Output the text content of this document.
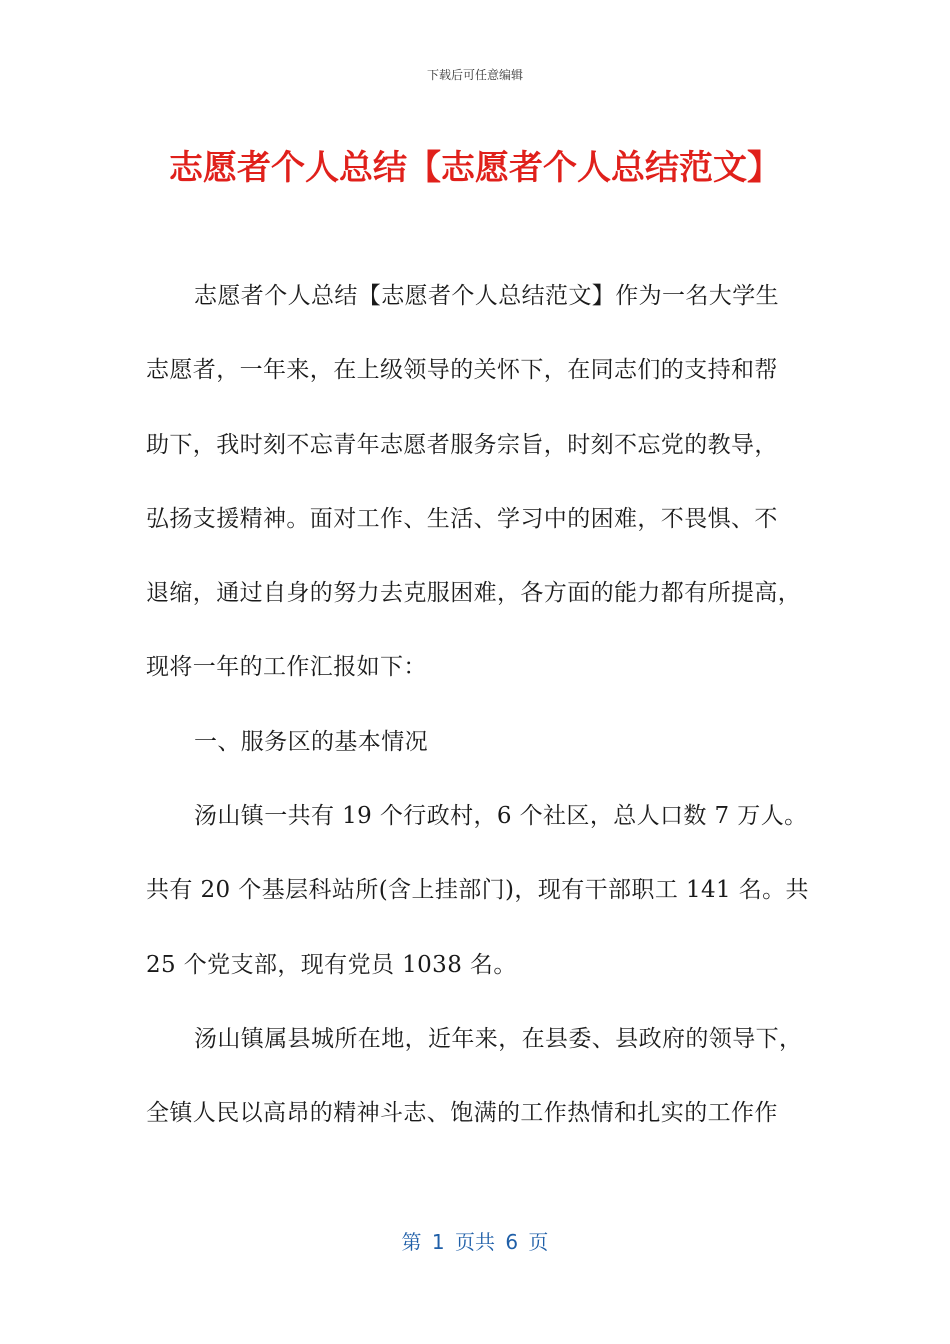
下载后可任意编辑
志愿者个人总结【志愿者个人总结范文】
志愿者个人总结【志愿者个人总结范文】作为一名大学生
志愿者，一年来，在上级领导的关怀下，在同志们的支持和帮
助下，我时刻不忘青年志愿者服务宗旨，时刻不忘党的教导，
弘扬支援精神。面对工作、生活、学习中的困难，不畏惧、不
退缩，通过自身的努力去克服困难，各方面的能力都有所提高，
现将一年的工作汇报如下：
一、服务区的基本情况
汤山镇一共有 19 个行政村，6 个社区，总人口数 7 万人。
共有 20 个基层科站所(含上挂部门)，现有干部职工 141 名。共
25 个党支部，现有党员 1038 名。
汤山镇属县城所在地，近年来，在县委、县政府的领导下，
全镇人民以高昂的精神斗志、饱满的工作热情和扎实的工作作
第 1 页共 6 页
